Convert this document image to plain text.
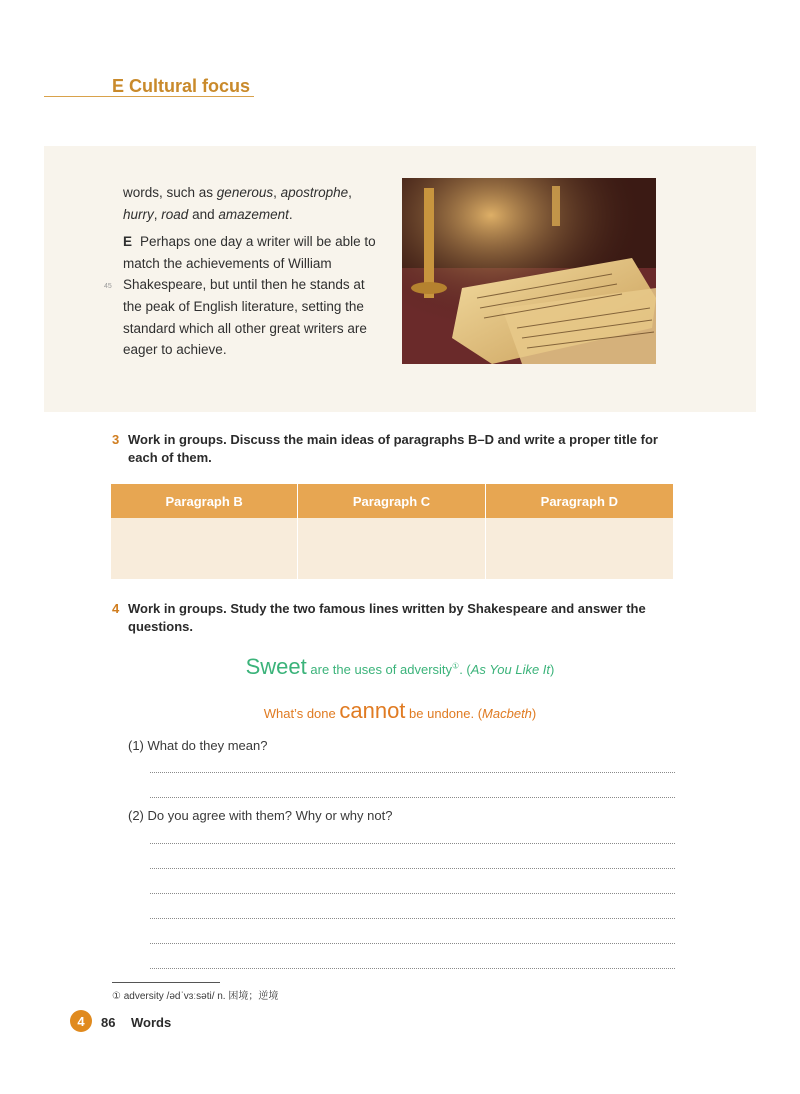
E Cultural focus

words, such as generous, apostrophe, hurry, road and amazement.

E Perhaps one day a writer will be able to match the achievements of William Shakespeare, but until then he stands at the peak of English literature, setting the standard which all other great writers are eager to achieve.

45
3 Work in groups. Discuss the main ideas of paragraphs B–D and write a proper title for
each of them.
Paragraph B	Paragraph C	Paragraph D
4 Work in groups. Study the two famous lines written by Shakespeare and answer the
questions.
Sweet are the uses of adversity①. (As You Like It)
What’s done cannot be undone. (Macbeth)
(1) What do they mean?
(2) Do you agree with them? Why or why not?
① adversity /ədˈvɜːsəti/ n. 困境；逆境
4	86 Words
